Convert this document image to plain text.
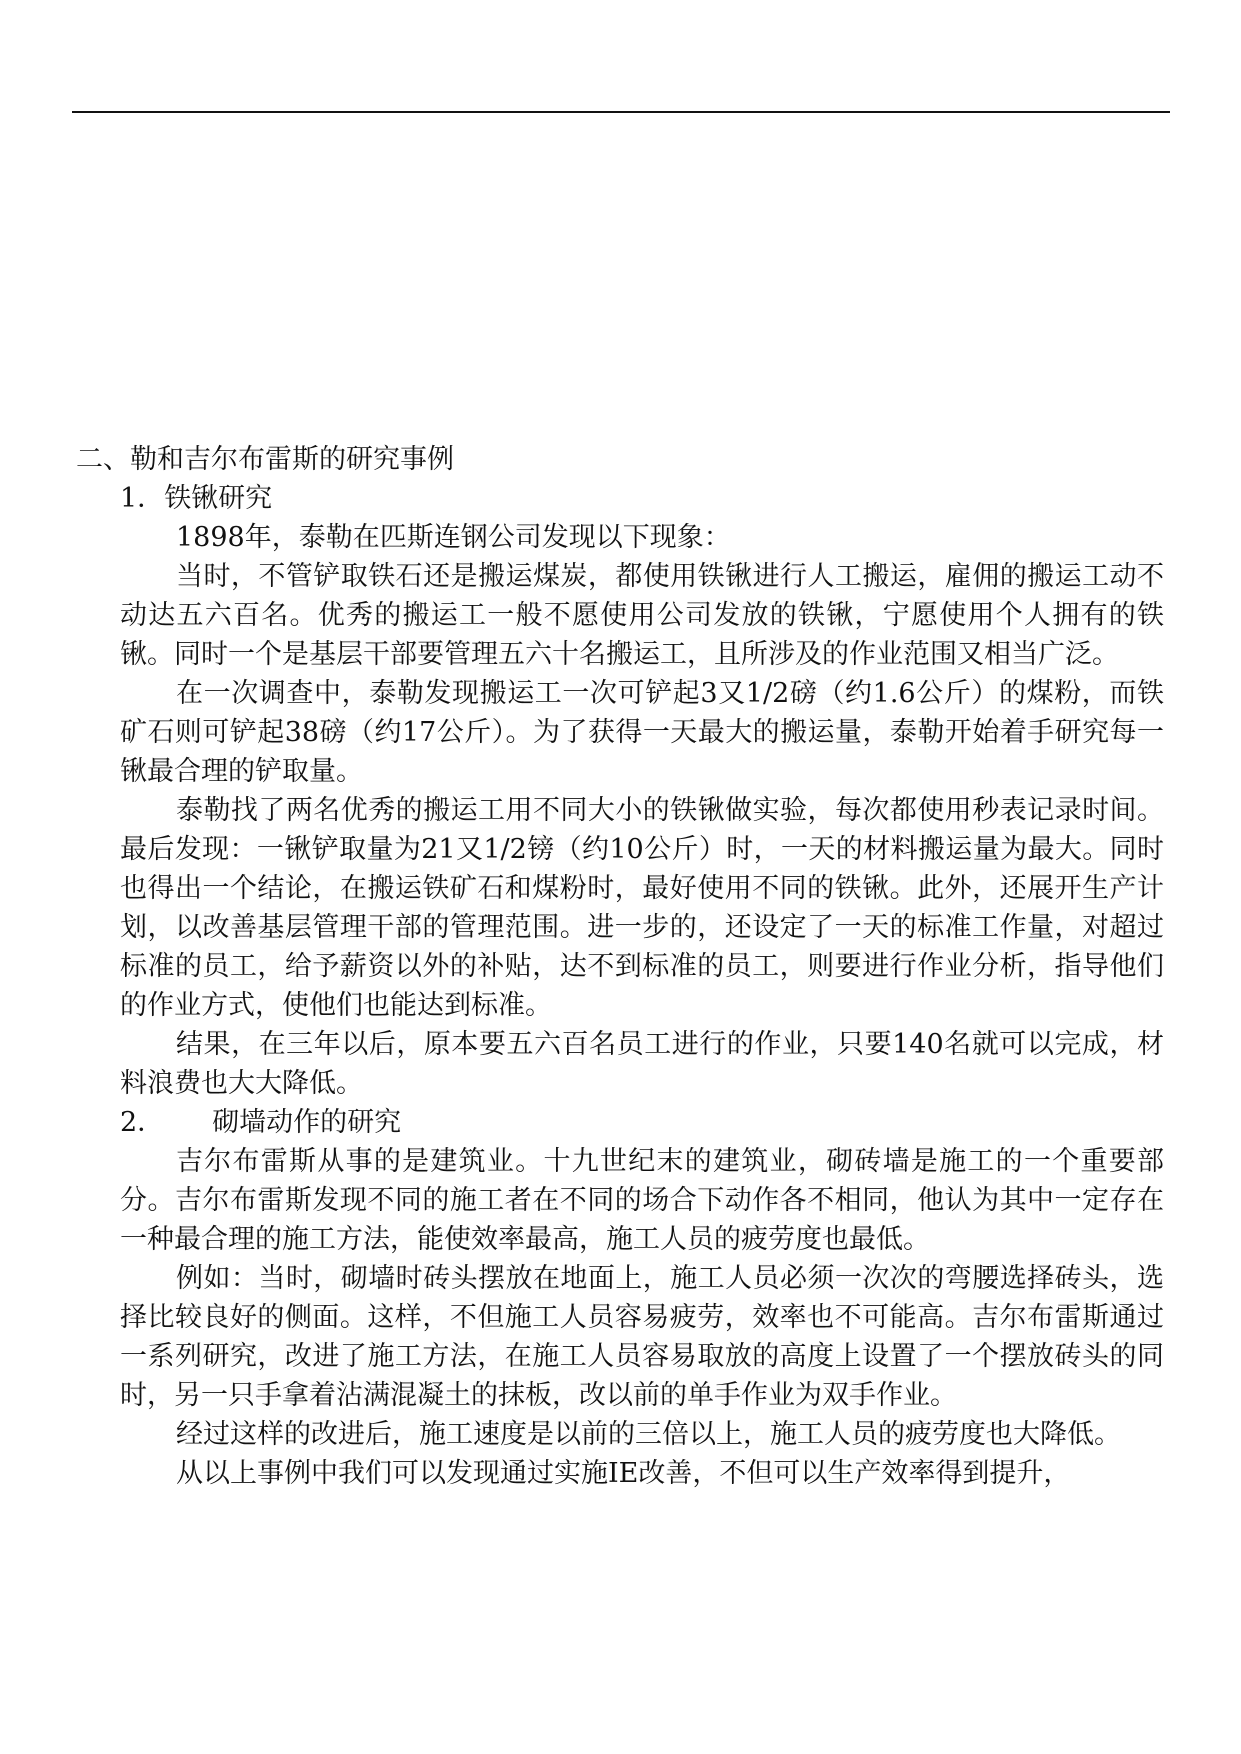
二、勒和吉尔布雷斯的研究事例

1．铁锹研究

1898年，泰勒在匹斯连钢公司发现以下现象：

当时，不管铲取铁石还是搬运煤炭，都使用铁锹进行人工搬运，雇佣的搬运工动不动达五六百名。优秀的搬运工一般不愿使用公司发放的铁锹，宁愿使用个人拥有的铁锹。同时一个是基层干部要管理五六十名搬运工，且所涉及的作业范围又相当广泛。

在一次调查中，泰勒发现搬运工一次可铲起3又1/2磅（约1.6公斤）的煤粉，而铁矿石则可铲起38磅（约17公斤）。为了获得一天最大的搬运量，泰勒开始着手研究每一锹最合理的铲取量。

泰勒找了两名优秀的搬运工用不同大小的铁锹做实验，每次都使用秒表记录时间。最后发现：一锹铲取量为21又1/2镑（约10公斤）时，一天的材料搬运量为最大。同时也得出一个结论，在搬运铁矿石和煤粉时，最好使用不同的铁锹。此外，还展开生产计划，以改善基层管理干部的管理范围。进一步的，还设定了一天的标准工作量，对超过标准的员工，给予薪资以外的补贴，达不到标准的员工，则要进行作业分析，指导他们的作业方式，使他们也能达到标准。

结果，在三年以后，原本要五六百名员工进行的作业，只要140名就可以完成，材料浪费也大大降低。

2． 砌墙动作的研究

吉尔布雷斯从事的是建筑业。十九世纪末的建筑业，砌砖墙是施工的一个重要部分。吉尔布雷斯发现不同的施工者在不同的场合下动作各不相同，他认为其中一定存在一种最合理的施工方法，能使效率最高，施工人员的疲劳度也最低。

例如：当时，砌墙时砖头摆放在地面上，施工人员必须一次次的弯腰选择砖头，选择比较良好的侧面。这样，不但施工人员容易疲劳，效率也不可能高。吉尔布雷斯通过一系列研究，改进了施工方法，在施工人员容易取放的高度上设置了一个摆放砖头的同时，另一只手拿着沾满混凝土的抹板，改以前的单手作业为双手作业。

经过这样的改进后，施工速度是以前的三倍以上，施工人员的疲劳度也大降低。

从以上事例中我们可以发现通过实施IE改善，不但可以生产效率得到提升，
